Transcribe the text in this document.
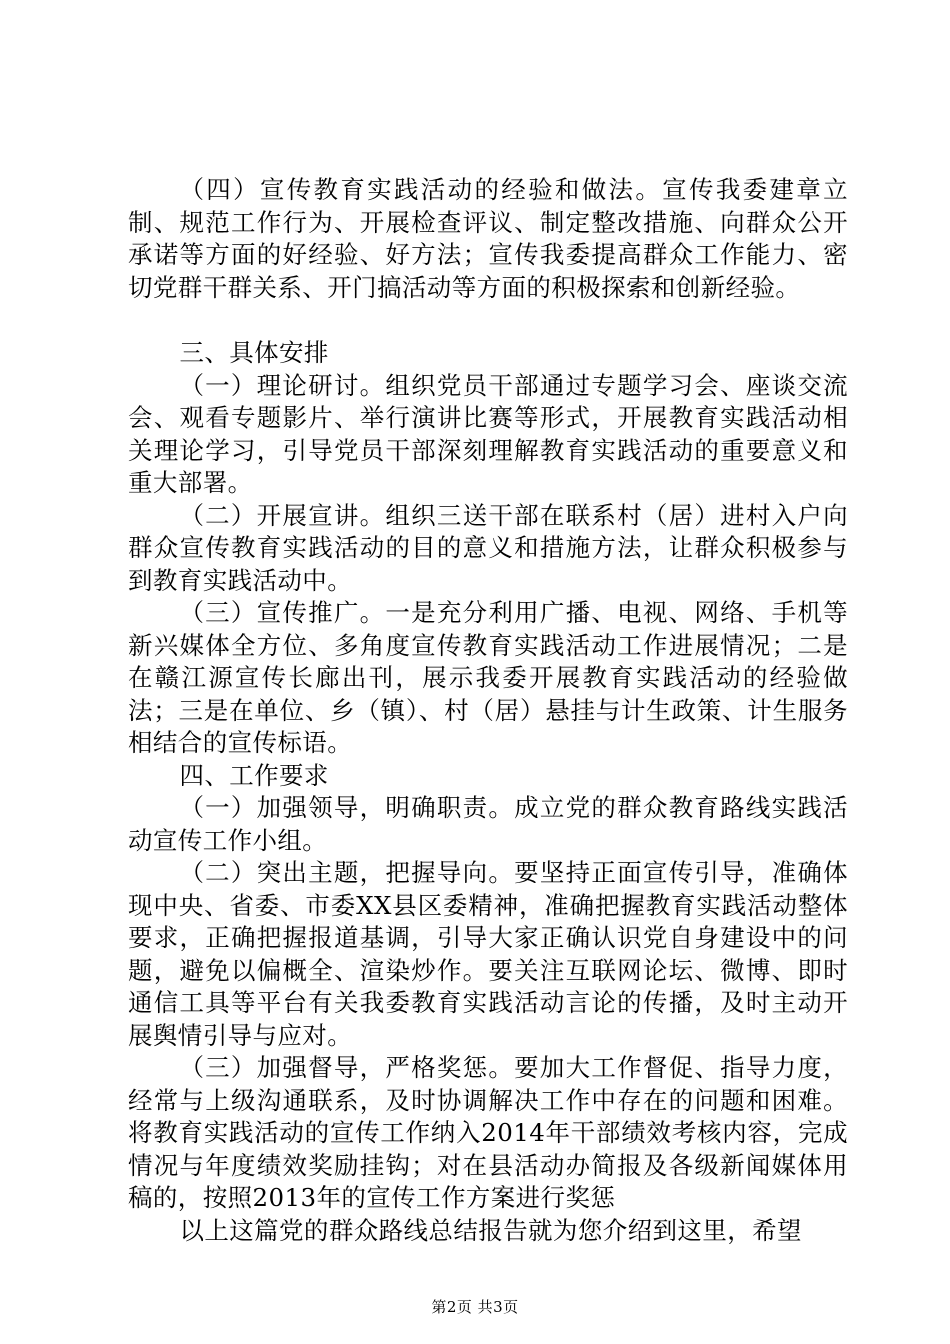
（四）宣传教育实践活动的经验和做法。宣传我委建章立制、规范工作行为、开展检查评议、制定整改措施、向群众公开承诺等方面的好经验、好方法；宣传我委提高群众工作能力、密切党群干群关系、开门搞活动等方面的积极探索和创新经验。

三、具体安排

（一）理论研讨。组织党员干部通过专题学习会、座谈交流会、观看专题影片、举行演讲比赛等形式，开展教育实践活动相关理论学习，引导党员干部深刻理解教育实践活动的重要意义和重大部署。

（二）开展宣讲。组织三送干部在联系村（居）进村入户向群众宣传教育实践活动的目的意义和措施方法，让群众积极参与到教育实践活动中。

（三）宣传推广。一是充分利用广播、电视、网络、手机等新兴媒体全方位、多角度宣传教育实践活动工作进展情况；二是在赣江源宣传长廊出刊，展示我委开展教育实践活动的经验做法；三是在单位、乡（镇）、村（居）悬挂与计生政策、计生服务相结合的宣传标语。

四、工作要求

（一）加强领导，明确职责。成立党的群众教育路线实践活动宣传工作小组。

（二）突出主题，把握导向。要坚持正面宣传引导，准确体现中央、省委、市委XX县区委精神，准确把握教育实践活动整体要求，正确把握报道基调，引导大家正确认识党自身建设中的问题，避免以偏概全、渲染炒作。要关注互联网论坛、微博、即时通信工具等平台有关我委教育实践活动言论的传播，及时主动开展舆情引导与应对。

（三）加强督导，严格奖惩。要加大工作督促、指导力度，经常与上级沟通联系，及时协调解决工作中存在的问题和困难。将教育实践活动的宣传工作纳入2014年干部绩效考核内容，完成情况与年度绩效奖励挂钩；对在县活动办简报及各级新闻媒体用稿的，按照2013年的宣传工作方案进行奖惩

以上这篇党的群众路线总结报告就为您介绍到这里，希望

第2页 共3页
